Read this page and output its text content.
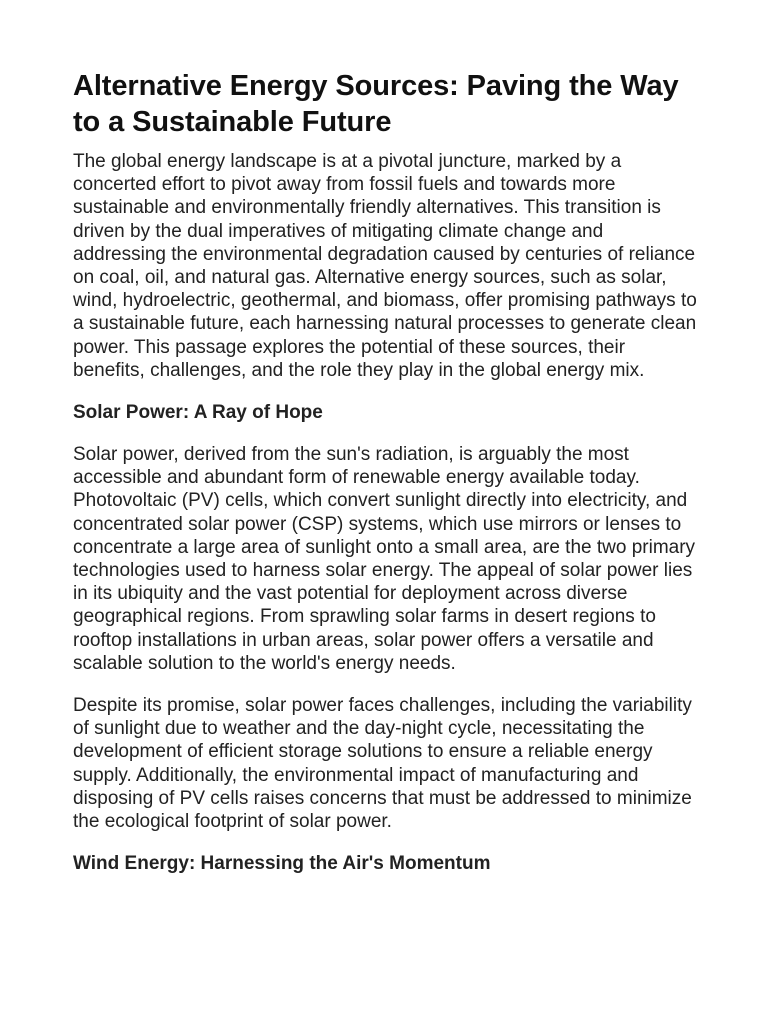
Alternative Energy Sources: Paving the Way to a Sustainable Future

The global energy landscape is at a pivotal juncture, marked by a concerted effort to pivot away from fossil fuels and towards more sustainable and environmentally friendly alternatives. This transition is driven by the dual imperatives of mitigating climate change and addressing the environmental degradation caused by centuries of reliance on coal, oil, and natural gas. Alternative energy sources, such as solar, wind, hydroelectric, geothermal, and biomass, offer promising pathways to a sustainable future, each harnessing natural processes to generate clean power. This passage explores the potential of these sources, their benefits, challenges, and the role they play in the global energy mix.

Solar Power: A Ray of Hope

Solar power, derived from the sun's radiation, is arguably the most accessible and abundant form of renewable energy available today. Photovoltaic (PV) cells, which convert sunlight directly into electricity, and concentrated solar power (CSP) systems, which use mirrors or lenses to concentrate a large area of sunlight onto a small area, are the two primary technologies used to harness solar energy. The appeal of solar power lies in its ubiquity and the vast potential for deployment across diverse geographical regions. From sprawling solar farms in desert regions to rooftop installations in urban areas, solar power offers a versatile and scalable solution to the world's energy needs.

Despite its promise, solar power faces challenges, including the variability of sunlight due to weather and the day-night cycle, necessitating the development of efficient storage solutions to ensure a reliable energy supply. Additionally, the environmental impact of manufacturing and disposing of PV cells raises concerns that must be addressed to minimize the ecological footprint of solar power.

Wind Energy: Harnessing the Air's Momentum
